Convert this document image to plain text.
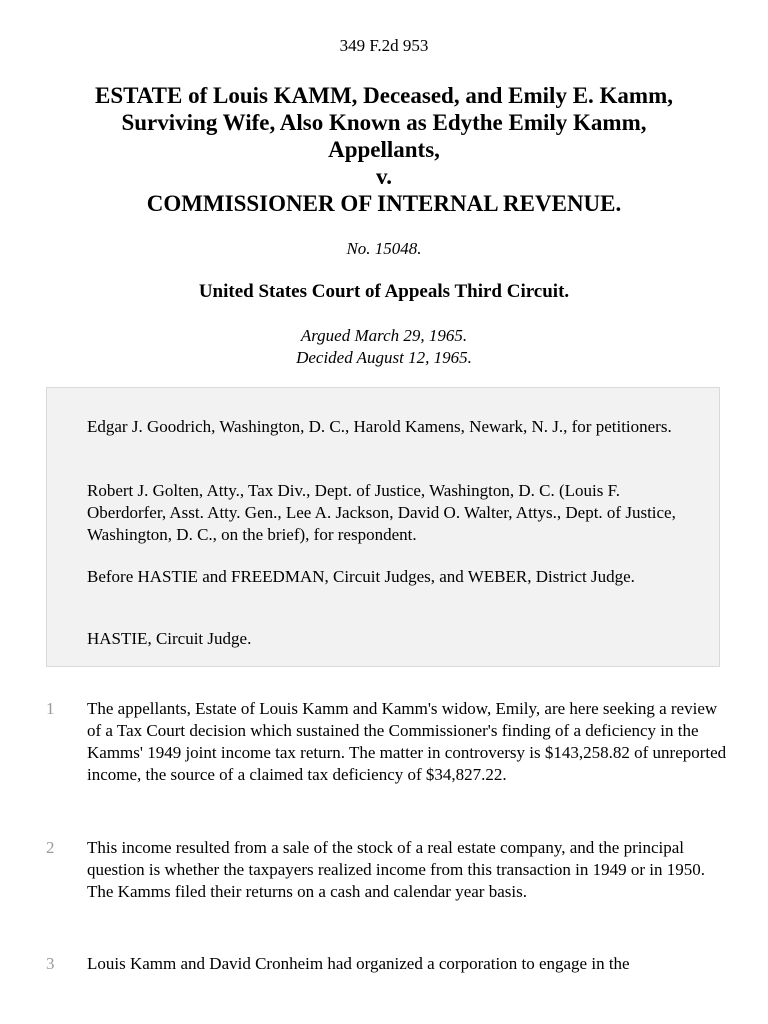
349 F.2d 953
ESTATE of Louis KAMM, Deceased, and Emily E. Kamm,
Surviving Wife, Also Known as Edythe Emily Kamm,
Appellants,
v.
COMMISSIONER OF INTERNAL REVENUE.
No. 15048.
United States Court of Appeals Third Circuit.
Argued March 29, 1965.
Decided August 12, 1965.

Edgar J. Goodrich, Washington, D. C., Harold Kamens, Newark, N. J., for petitioners.

Robert J. Golten, Atty., Tax Div., Dept. of Justice, Washington, D. C. (Louis F. Oberdorfer, Asst. Atty. Gen., Lee A. Jackson, David O. Walter, Attys., Dept. of Justice, Washington, D. C., on the brief), for respondent.

Before HASTIE and FREEDMAN, Circuit Judges, and WEBER, District Judge.

HASTIE, Circuit Judge.

1 The appellants, Estate of Louis Kamm and Kamm's widow, Emily, are here seeking a review of a Tax Court decision which sustained the Commissioner's finding of a deficiency in the Kamms' 1949 joint income tax return. The matter in controversy is $143,258.82 of unreported income, the source of a claimed tax deficiency of $34,827.22.

2 This income resulted from a sale of the stock of a real estate company, and the principal question is whether the taxpayers realized income from this transaction in 1949 or in 1950. The Kamms filed their returns on a cash and calendar year basis.

3 Louis Kamm and David Cronheim had organized a corporation to engage in the
